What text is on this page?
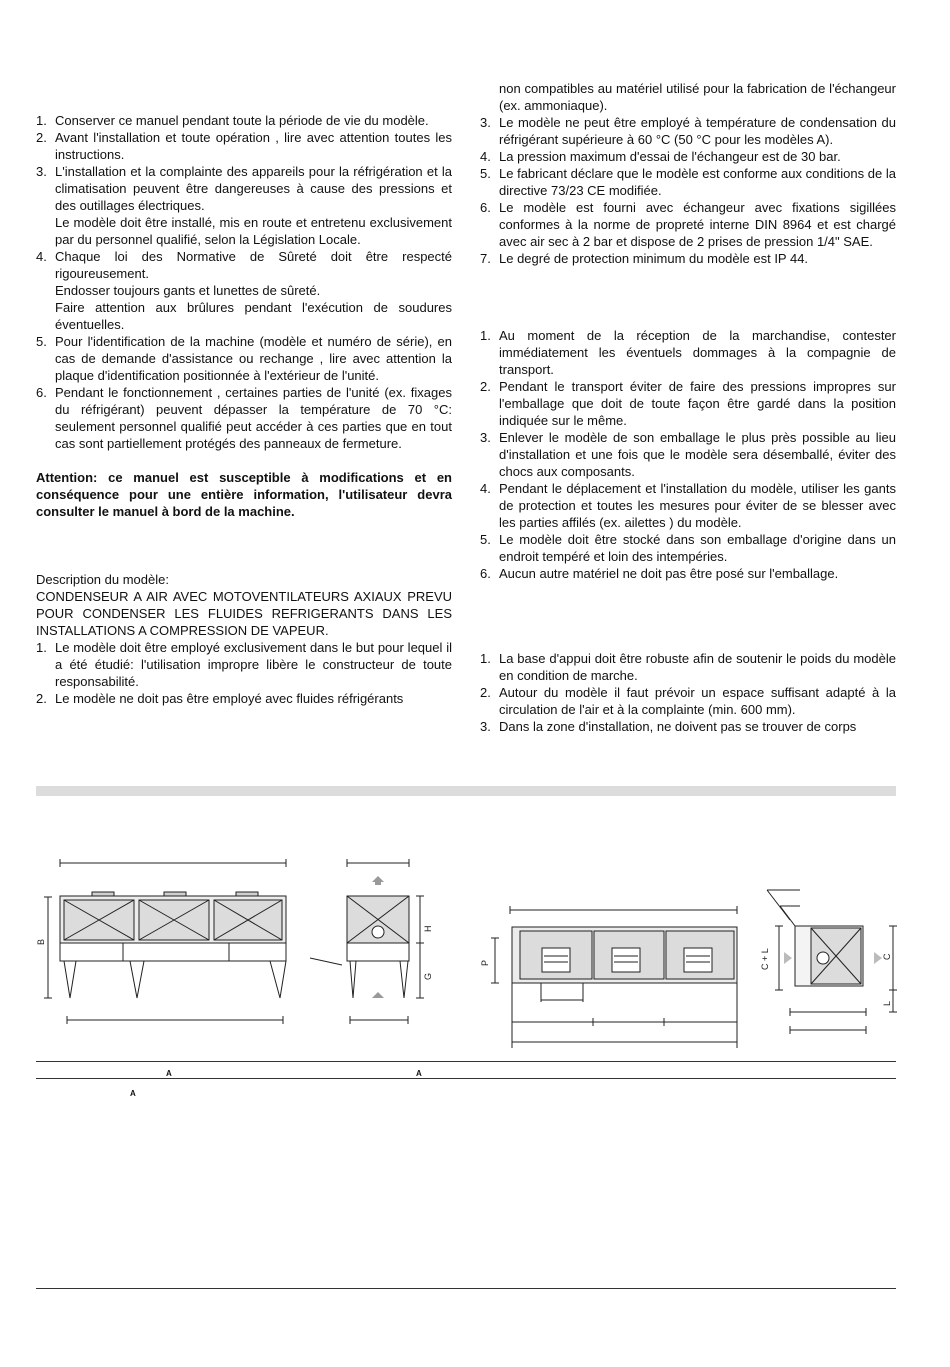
1. Conserver ce manuel pendant toute la période de vie du modèle.
2. Avant l'installation et toute opération , lire avec attention toutes les instructions.
3. L'installation et la complainte des appareils pour la réfrigération et la climatisation peuvent être dangereuses à cause des pressions et des outillages électriques.
Le modèle doit être installé, mis en route et entretenu exclusivement par du personnel qualifié, selon la Législation Locale.
4. Chaque loi des Normative de Sûreté doit être respecté rigoureusement.
Endosser toujours gants et lunettes de sûreté.
Faire attention aux brûlures pendant l'exécution de soudures éventuelles.
5. Pour l'identification de la machine (modèle et numéro de série), en cas de demande d'assistance ou rechange , lire avec attention la plaque d'identification positionnée à l'extérieur de l'unité.
6. Pendant le fonctionnement , certaines parties de l'unité (ex. fixages du réfrigérant) peuvent dépasser la température de 70 °C: seulement personnel qualifié peut accéder à ces parties que en tout cas sont partiellement protégés des panneaux de fermeture.

Attention: ce manuel est susceptible à modifications et en conséquence pour une entière information, l'utilisateur devra consulter le manuel à bord de la machine.

Description du modèle:

CONDENSEUR A AIR AVEC MOTOVENTILATEURS AXIAUX PREVU POUR CONDENSER LES FLUIDES REFRIGERANTS DANS LES INSTALLATIONS A COMPRESSION DE VAPEUR.

1. Le modèle doit être employé exclusivement dans le but pour lequel il a été étudié: l'utilisation impropre libère le constructeur de toute responsabilité.
2. Le modèle ne doit pas être employé avec fluides réfrigérants

non compatibles au matériel utilisé pour la fabrication de l'échangeur (ex. ammoniaque).

3. Le modèle ne peut être employé à température de condensation du réfrigérant supérieure à 60 °C (50 °C pour les modèles A).
4. La pression maximum d'essai de l'échangeur est de 30 bar.
5. Le fabricant déclare que le modèle est conforme aux conditions de la directive 73/23 CE modifiée.
6. Le modèle est fourni avec échangeur avec fixations sigillées conformes à la norme de propreté interne DIN 8964 et est chargé avec air sec à 2 bar et dispose de 2 prises de pression 1/4" SAE.
7. Le degré de protection minimum du modèle est IP 44.
1. Au moment de la réception de la marchandise, contester immédiatement les éventuels dommages à la compagnie de transport.
2. Pendant le transport éviter de faire des pressions impropres sur l'emballage que doit de toute façon être gardé dans la position indiquée sur le même.
3. Enlever le modèle de son emballage le plus près possible au lieu d'installation et une fois que le modèle sera désemballé, éviter des chocs aux composants.
4. Pendant le déplacement et l'installation du modèle, utiliser les gants de protection et toutes les mesures pour éviter de se blesser avec les parties affilés (ex. ailettes ) du modèle.
5. Le modèle doit être stocké dans son emballage d'origine dans un endroit tempéré et loin des intempéries.
6. Aucun autre matériel ne doit pas être posé sur l'emballage.
1. La base d'appui doit être robuste afin de soutenir le poids du modèle en condition de marche.
2. Autour du modèle il faut prévoir un espace suffisant adapté à la circulation de l'air et à la complainte (min. 600 mm).
3. Dans la zone d'installation, ne doivent pas se trouver de corps
B
H
G
P	C + L	C
L
A	A
A
